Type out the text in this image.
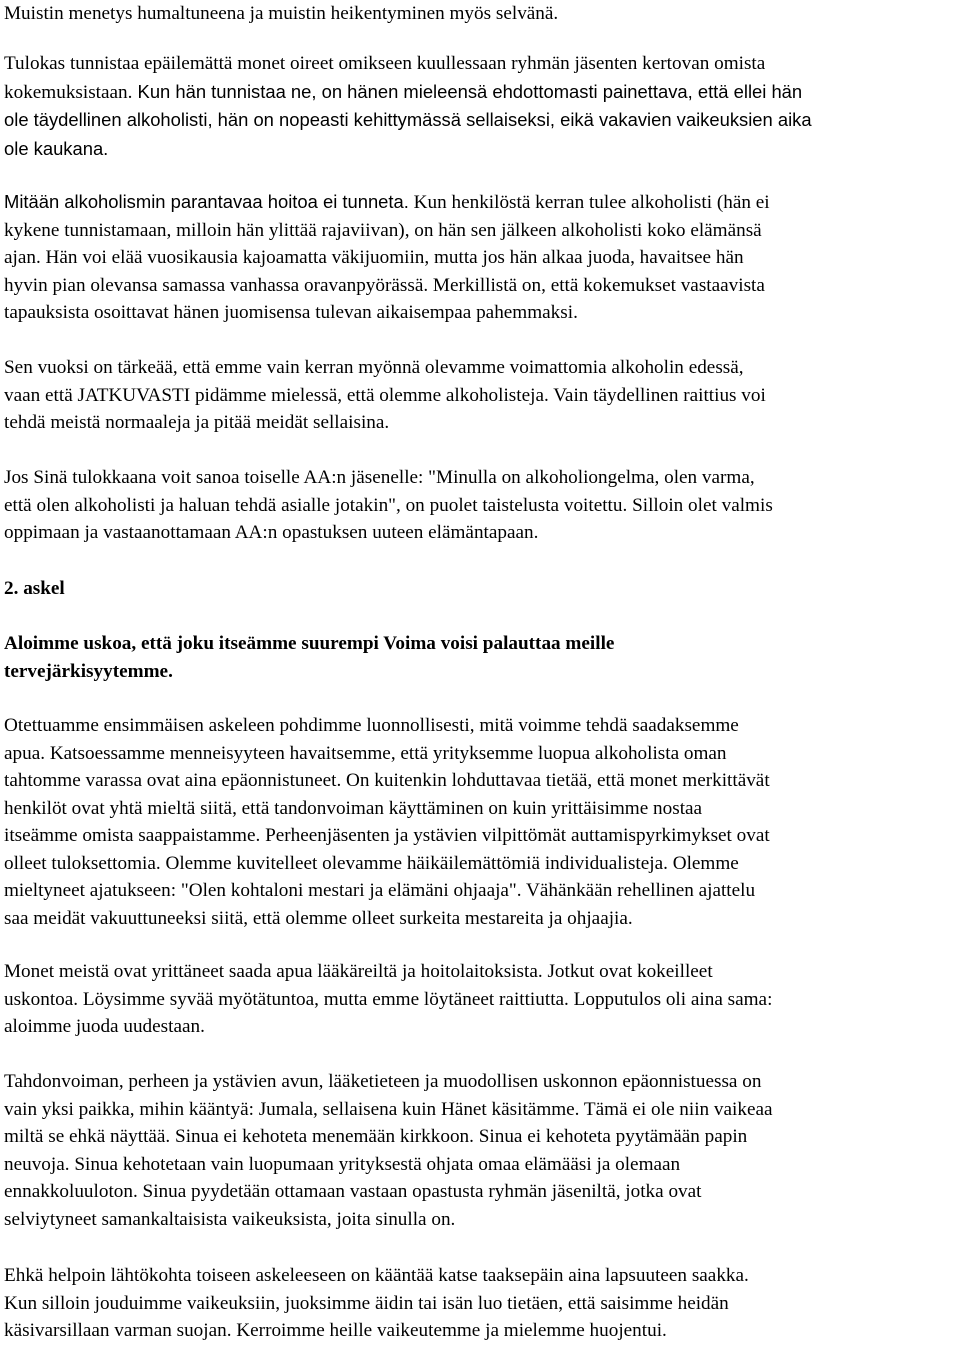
Muistin menetys humaltuneena ja muistin heikentyminen myös selvänä.

Tulokas tunnistaa epäilemättä monet oireet omikseen kuullessaan ryhmän jäsenten kertovan omista
kokemuksistaan. Kun hän tunnistaa ne, on hänen mieleensä ehdottomasti painettava, että ellei hän
ole täydellinen alkoholisti, hän on nopeasti kehittymässä sellaiseksi, eikä vakavien vaikeuksien aika
ole kaukana.

Mitään alkoholismin parantavaa hoitoa ei tunneta. Kun henkilöstä kerran tulee alkoholisti (hän ei
kykene tunnistamaan, milloin hän ylittää rajaviivan), on hän sen jälkeen alkoholisti koko elämänsä
ajan. Hän voi elää vuosikausia kajoamatta väkijuomiin, mutta jos hän alkaa juoda, havaitsee hän
hyvin pian olevansa samassa vanhassa oravanpyörässä. Merkillistä on, että kokemukset vastaavista
tapauksista osoittavat hänen juomisensa tulevan aikaisempaa pahemmaksi.

Sen vuoksi on tärkeää, että emme vain kerran myönnä olevamme voimattomia alkoholin edessä,
vaan että JATKUVASTI pidämme mielessä, että olemme alkoholisteja. Vain täydellinen raittius voi
tehdä meistä normaaleja ja pitää meidät sellaisina.

Jos Sinä tulokkaana voit sanoa toiselle AA:n jäsenelle: "Minulla on alkoholiongelma, olen varma,
että olen alkoholisti ja haluan tehdä asialle jotakin", on puolet taistelusta voitettu. Silloin olet valmis
oppimaan ja vastaanottamaan AA:n opastuksen uuteen elämäntapaan.

2. askel

Aloimme uskoa, että joku itseämme suurempi Voima voisi palauttaa meille
tervejärkisyytemme.

Otettuamme ensimmäisen askeleen pohdimme luonnollisesti, mitä voimme tehdä saadaksemme
apua. Katsoessamme menneisyyteen havaitsemme, että yrityksemme luopua alkoholista oman
tahtomme varassa ovat aina epäonnistuneet. On kuitenkin lohduttavaa tietää, että monet merkittävät
henkilöt ovat yhtä mieltä siitä, että tandonvoiman käyttäminen on kuin yrittäisimme nostaa
itseämme omista saappaistamme. Perheenjäsenten ja ystävien vilpittömät auttamispyrkimykset ovat
olleet tuloksettomia. Olemme kuvitelleet olevamme häikäilemättömiä individualisteja. Olemme
mieltyneet ajatukseen: "Olen kohtaloni mestari ja elämäni ohjaaja". Vähänkään rehellinen ajattelu
saa meidät vakuuttuneeksi siitä, että olemme olleet surkeita mestareita ja ohjaajia.

Monet meistä ovat yrittäneet saada apua lääkäreiltä ja hoitolaitoksista. Jotkut ovat kokeilleet
uskontoa. Löysimme syvää myötätuntoa, mutta emme löytäneet raittiutta. Lopputulos oli aina sama:
aloimme juoda uudestaan.

Tahdonvoiman, perheen ja ystävien avun, lääketieteen ja muodollisen uskonnon epäonnistuessa on
vain yksi paikka, mihin kääntyä: Jumala, sellaisena kuin Hänet käsitämme. Tämä ei ole niin vaikeaa
miltä se ehkä näyttää. Sinua ei kehoteta menemään kirkkoon. Sinua ei kehoteta pyytämään papin
neuvoja. Sinua kehotetaan vain luopumaan yrityksestä ohjata omaa elämääsi ja olemaan
ennakkoluuloton. Sinua pyydetään ottamaan vastaan opastusta ryhmän jäseniltä, jotka ovat
selviytyneet samankaltaisista vaikeuksista, joita sinulla on.

Ehkä helpoin lähtökohta toiseen askeleeseen on kääntää katse taaksepäin aina lapsuuteen saakka.
Kun silloin jouduimme vaikeuksiin, juoksimme äidin tai isän luo tietäen, että saisimme heidän
käsivarsillaan varman suojan. Kerroimme heille vaikeutemme ja mielemme huojentui.
